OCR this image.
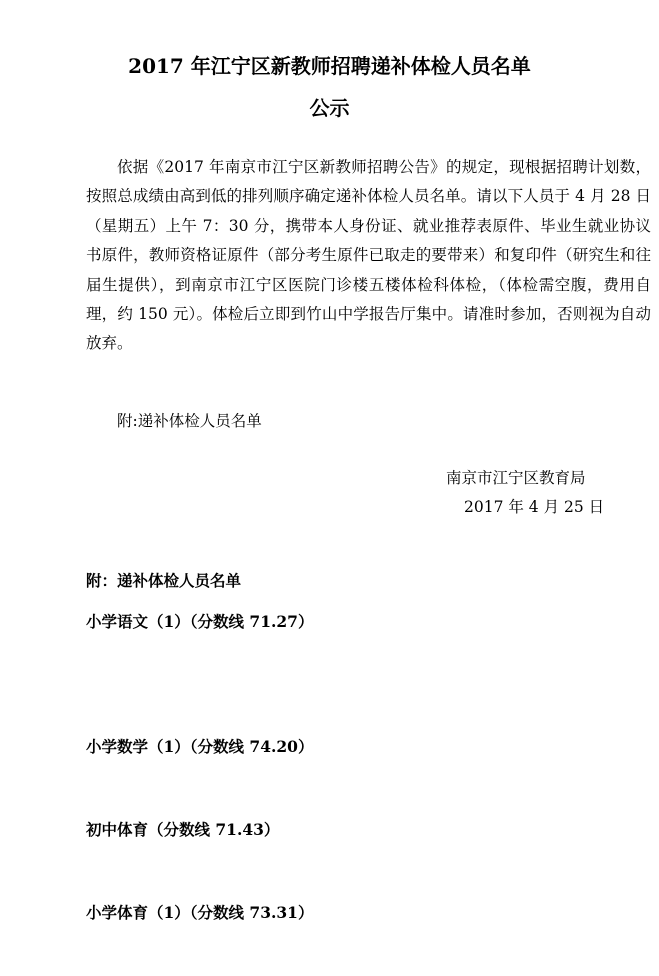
2017 年江宁区新教师招聘递补体检人员名单
公示

依据《2017 年南京市江宁区新教师招聘公告》的规定，现根据招聘计划数，按照总成绩由高到低的排列顺序确定递补体检人员名单。请以下人员于 4 月 28 日（星期五）上午 7：30 分，携带本人身份证、就业推荐表原件、毕业生就业协议书原件，教师资格证原件（部分考生原件已取走的要带来）和复印件（研究生和往届生提供），到南京市江宁区医院门诊楼五楼体检科体检，（体检需空腹，费用自理，约 150 元）。体检后立即到竹山中学报告厅集中。请准时参加，否则视为自动放弃。

附:递补体检人员名单

南京市江宁区教育局

2017 年 4 月 25 日

附：递补体检人员名单

小学语文（1）（分数线 71.27）

小学数学（1）（分数线 74.20）

初中体育（分数线 71.43）

小学体育（1）（分数线 73.31）
